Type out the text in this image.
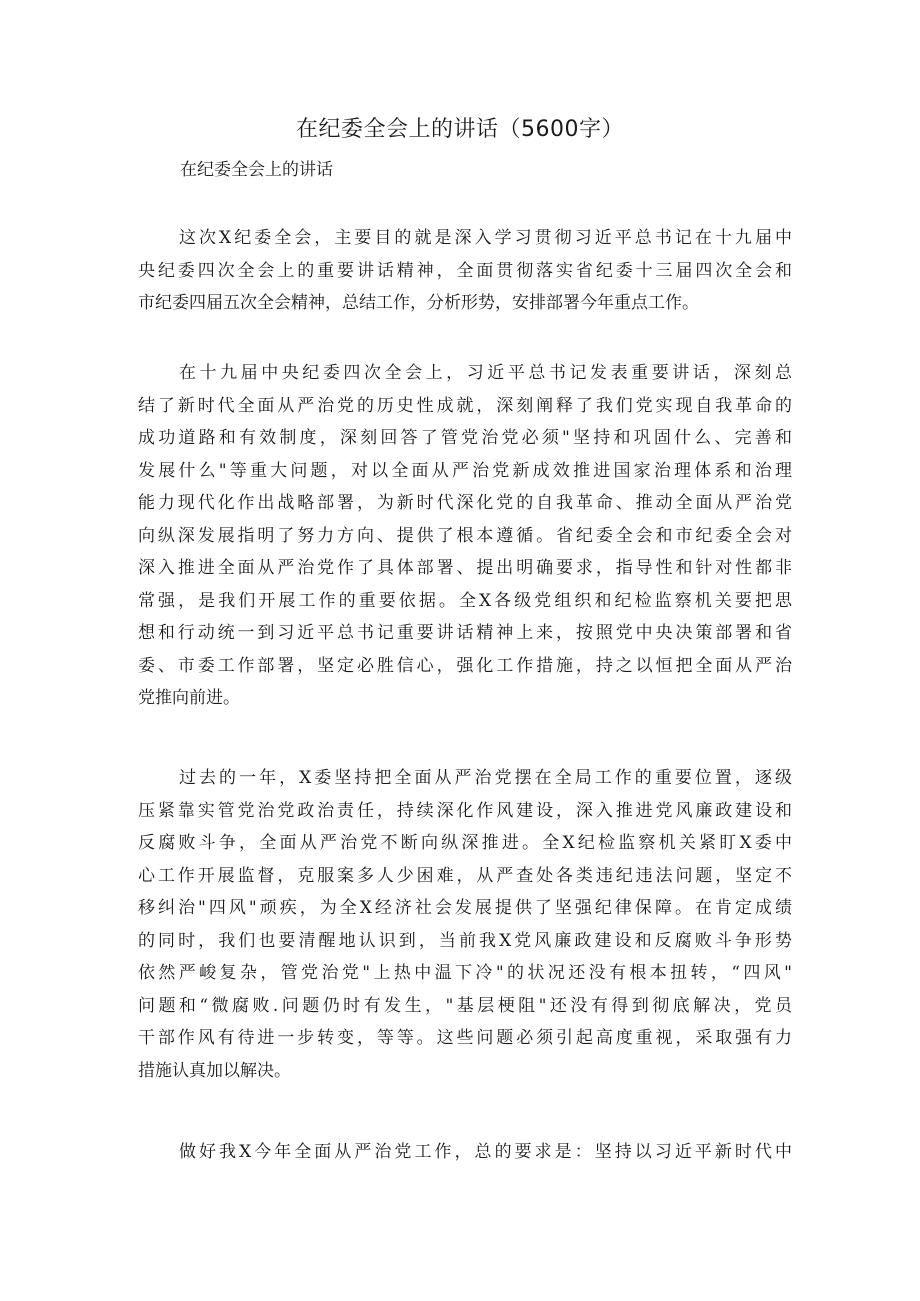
在纪委全会上的讲话（5600字）
在纪委全会上的讲话
这次X纪委全会，主要目的就是深入学习贯彻习近平总书记在十九届中
央纪委四次全会上的重要讲话精神，全面贯彻落实省纪委十三届四次全会和
市纪委四届五次全会精神，总结工作，分析形势，安排部署今年重点工作。
在十九届中央纪委四次全会上，习近平总书记发表重要讲话，深刻总
结了新时代全面从严治党的历史性成就，深刻阐释了我们党实现自我革命的
成功道路和有效制度，深刻回答了管党治党必须"坚持和巩固什么、完善和
发展什么"等重大问题，对以全面从严治党新成效推进国家治理体系和治理
能力现代化作出战略部署，为新时代深化党的自我革命、推动全面从严治党
向纵深发展指明了努力方向、提供了根本遵循。省纪委全会和市纪委全会对
深入推进全面从严治党作了具体部署、提出明确要求，指导性和针对性都非
常强，是我们开展工作的重要依据。全X各级党组织和纪检监察机关要把思
想和行动统一到习近平总书记重要讲话精神上来，按照党中央决策部署和省
委、市委工作部署，坚定必胜信心，强化工作措施，持之以恒把全面从严治
党推向前进。
过去的一年，X委坚持把全面从严治党摆在全局工作的重要位置，逐级
压紧靠实管党治党政治责任，持续深化作风建设，深入推进党风廉政建设和
反腐败斗争，全面从严治党不断向纵深推进。全X纪检监察机关紧盯X委中
心工作开展监督，克服案多人少困难，从严查处各类违纪违法问题，坚定不
移纠治"四风"顽疾，为全X经济社会发展提供了坚强纪律保障。在肯定成绩
的同时，我们也要清醒地认识到，当前我X党风廉政建设和反腐败斗争形势
依然严峻复杂，管党治党"上热中温下冷"的状况还没有根本扭转，“四风"
问题和“微腐败.问题仍时有发生，"基层梗阻"还没有得到彻底解决，党员
干部作风有待进一步转变，等等。这些问题必须引起高度重视，采取强有力
措施认真加以解决。
做好我X今年全面从严治党工作，总的要求是：坚持以习近平新时代中
